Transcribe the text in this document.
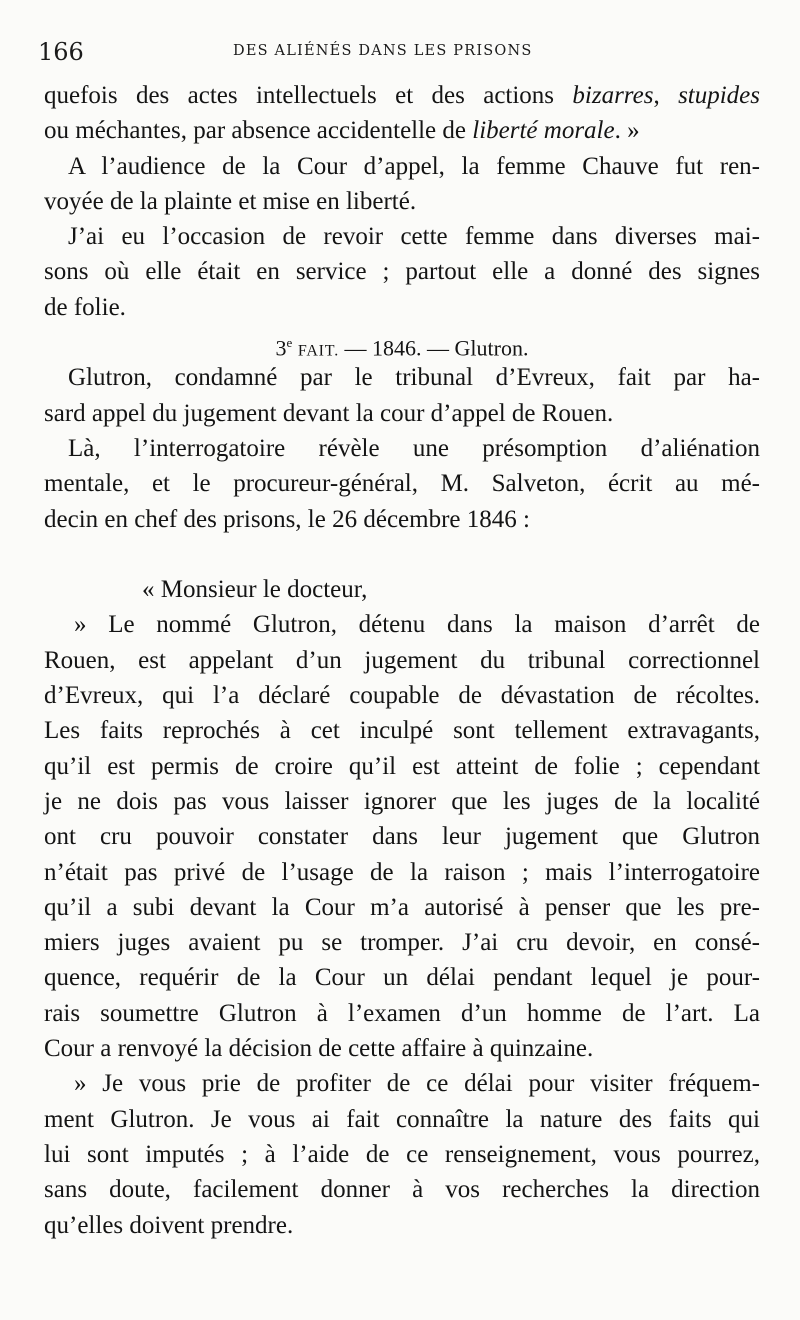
166	DES ALIÉNÉS DANS LES PRISONS
quefois des actes intellectuels et des actions bizarres, stupides
ou méchantes, par absence accidentelle de liberté morale. »
A l’audience de la Cour d’appel, la femme Chauve fut ren-
voyée de la plainte et mise en liberté.
J’ai eu l’occasion de revoir cette femme dans diverses mai-
sons où elle était en service ; partout elle a donné des signes
de folie.
3e FAIT. — 1846. — Glutron.
Glutron, condamné par le tribunal d’Evreux, fait par ha-
sard appel du jugement devant la cour d’appel de Rouen.
Là, l’interrogatoire révèle une présomption d’aliénation
mentale, et le procureur-général, M. Salveton, écrit au mé-
decin en chef des prisons, le 26 décembre 1846 :
« Monsieur le docteur,
» Le nommé Glutron, détenu dans la maison d’arrêt de
Rouen, est appelant d’un jugement du tribunal correctionnel
d’Evreux, qui l’a déclaré coupable de dévastation de récoltes.
Les faits reprochés à cet inculpé sont tellement extravagants,
qu’il est permis de croire qu’il est atteint de folie ; cependant
je ne dois pas vous laisser ignorer que les juges de la localité
ont cru pouvoir constater dans leur jugement que Glutron
n’était pas privé de l’usage de la raison ; mais l’interrogatoire
qu’il a subi devant la Cour m’a autorisé à penser que les pre-
miers juges avaient pu se tromper. J’ai cru devoir, en consé-
quence, requérir de la Cour un délai pendant lequel je pour-
rais soumettre Glutron à l’examen d’un homme de l’art. La
Cour a renvoyé la décision de cette affaire à quinzaine.
» Je vous prie de profiter de ce délai pour visiter fréquem-
ment Glutron. Je vous ai fait connaître la nature des faits qui
lui sont imputés ; à l’aide de ce renseignement, vous pourrez,
sans doute, facilement donner à vos recherches la direction
qu’elles doivent prendre.
